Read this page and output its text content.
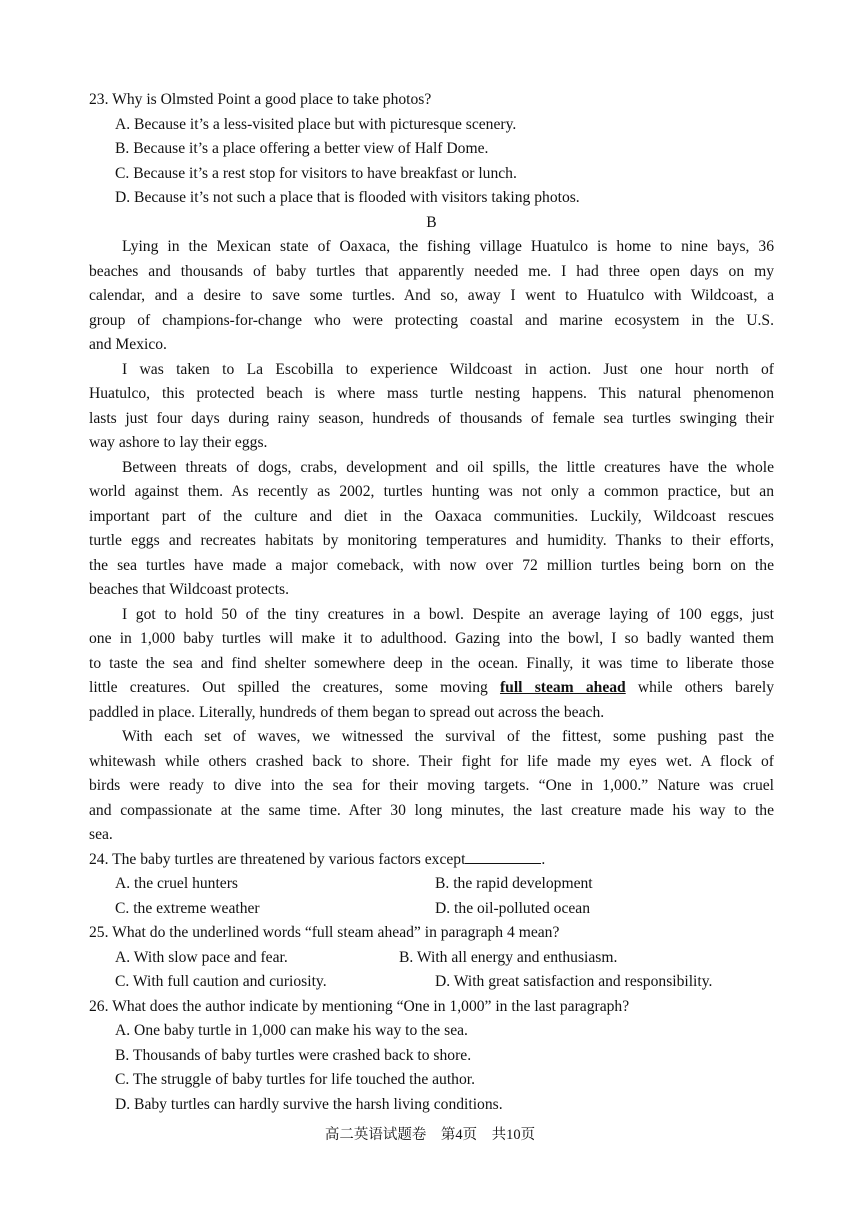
23. Why is Olmsted Point a good place to take photos?
A. Because it’s a less-visited place but with picturesque scenery.
B. Because it’s a place offering a better view of Half Dome.
C. Because it’s a rest stop for visitors to have breakfast or lunch.
D. Because it’s not such a place that is flooded with visitors taking photos.
B
Lying in the Mexican state of Oaxaca, the fishing village Huatulco is home to nine bays, 36
beaches and thousands of baby turtles that apparently needed me. I had three open days on my
calendar, and a desire to save some turtles. And so, away I went to Huatulco with Wildcoast, a
group of champions-for-change who were protecting coastal and marine ecosystem in the U.S.
and Mexico.
I was taken to La Escobilla to experience Wildcoast in action. Just one hour north of
Huatulco, this protected beach is where mass turtle nesting happens. This natural phenomenon
lasts just four days during rainy season, hundreds of thousands of female sea turtles swinging their
way ashore to lay their eggs.
Between threats of dogs, crabs, development and oil spills, the little creatures have the whole
world against them. As recently as 2002, turtles hunting was not only a common practice, but an
important part of the culture and diet in the Oaxaca communities. Luckily, Wildcoast rescues
turtle eggs and recreates habitats by monitoring temperatures and humidity. Thanks to their efforts,
the sea turtles have made a major comeback, with now over 72 million turtles being born on the
beaches that Wildcoast protects.
I got to hold 50 of the tiny creatures in a bowl. Despite an average laying of 100 eggs, just
one in 1,000 baby turtles will make it to adulthood. Gazing into the bowl, I so badly wanted them
to taste the sea and find shelter somewhere deep in the ocean. Finally, it was time to liberate those
little creatures. Out spilled the creatures, some moving full steam ahead while others barely
paddled in place. Literally, hundreds of them began to spread out across the beach.
With each set of waves, we witnessed the survival of the fittest, some pushing past the
whitewash while others crashed back to shore. Their fight for life made my eyes wet. A flock of
birds were ready to dive into the sea for their moving targets. “One in 1,000.” Nature was cruel
and compassionate at the same time. After 30 long minutes, the last creature made his way to the
sea.
24. The baby turtles are threatened by various factors except	.
A. the cruel hunters	B. the rapid development
C. the extreme weather	D. the oil-polluted ocean
25. What do the underlined words “full steam ahead” in paragraph 4 mean?
A. With slow pace and fear.	B. With all energy and enthusiasm.
C. With full caution and curiosity.	D. With great satisfaction and responsibility.
26. What does the author indicate by mentioning “One in 1,000” in the last paragraph?
A. One baby turtle in 1,000 can make his way to the sea.
B. Thousands of baby turtles were crashed back to shore.
C. The struggle of baby turtles for life touched the author.
D. Baby turtles can hardly survive the harsh living conditions.
高二英语试题卷　第4页　共10页
